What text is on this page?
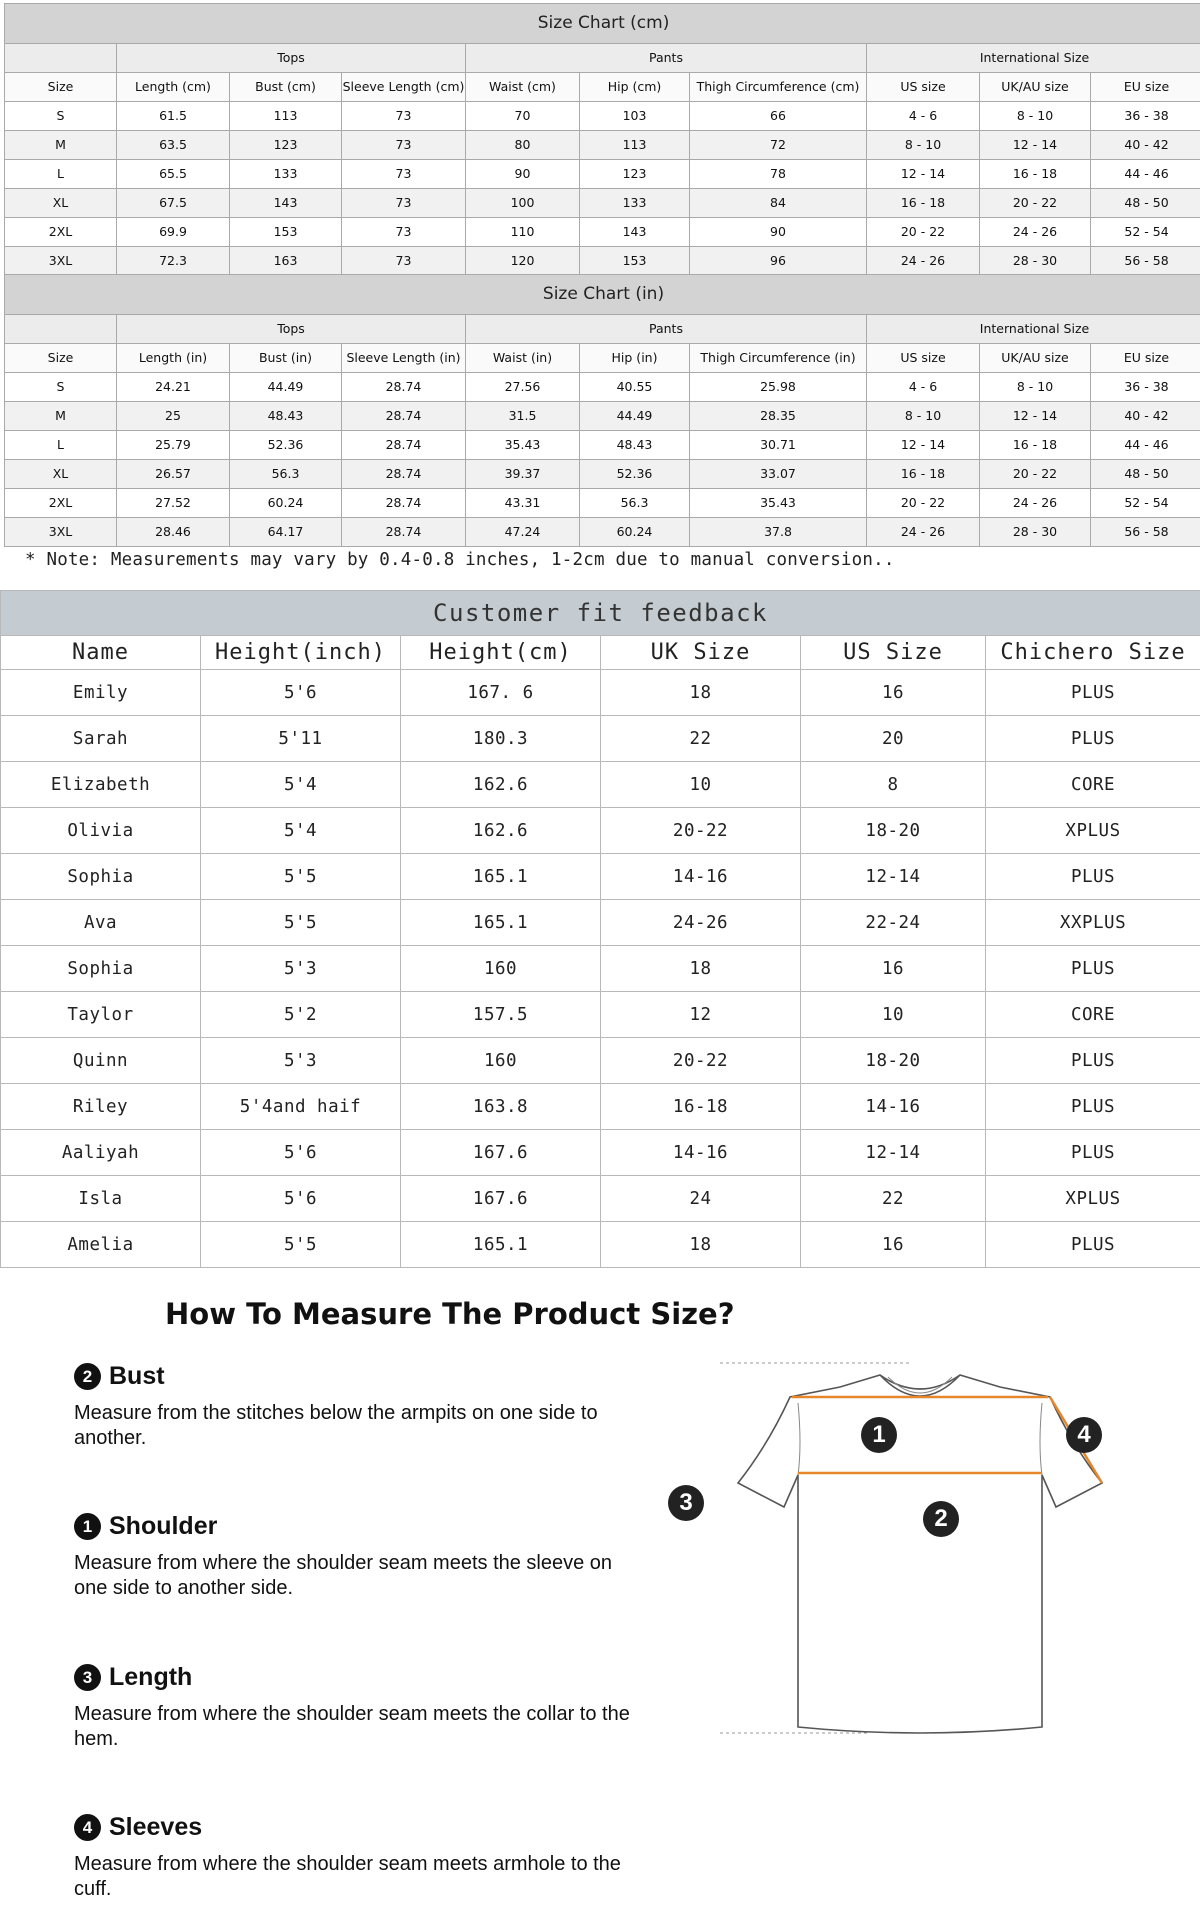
Size Chart (cm)									
	Tops			Pants			International Size		
Size	Length (cm)	Bust (cm)	Sleeve Length (cm)	Waist (cm)	Hip (cm)	Thigh Circumference (cm)	US size	UK/AU size	EU size
S	61.5	113	73	70	103	66	4 - 6	8 - 10	36 - 38
M	63.5	123	73	80	113	72	8 - 10	12 - 14	40 - 42
L	65.5	133	73	90	123	78	12 - 14	16 - 18	44 - 46
XL	67.5	143	73	100	133	84	16 - 18	20 - 22	48 - 50
2XL	69.9	153	73	110	143	90	20 - 22	24 - 26	52 - 54
3XL	72.3	163	73	120	153	96	24 - 26	28 - 30	56 - 58
Size Chart (in)									
	Tops			Pants			International Size		
Size	Length (in)	Bust (in)	Sleeve Length (in)	Waist (in)	Hip (in)	Thigh Circumference (in)	US size	UK/AU size	EU size
S	24.21	44.49	28.74	27.56	40.55	25.98	4 - 6	8 - 10	36 - 38
M	25	48.43	28.74	31.5	44.49	28.35	8 - 10	12 - 14	40 - 42
L	25.79	52.36	28.74	35.43	48.43	30.71	12 - 14	16 - 18	44 - 46
XL	26.57	56.3	28.74	39.37	52.36	33.07	16 - 18	20 - 22	48 - 50
2XL	27.52	60.24	28.74	43.31	56.3	35.43	20 - 22	24 - 26	52 - 54
3XL	28.46	64.17	28.74	47.24	60.24	37.8	24 - 26	28 - 30	56 - 58
* Note: Measurements may vary by 0.4-0.8 inches, 1-2cm due to manual conversion..
Customer fit feedback					
Name	Height(inch)	Height(cm)	UK Size	US Size	Chichero Size
Emily	5'6	167. 6	18	16	PLUS
Sarah	5'11	180.3	22	20	PLUS
Elizabeth	5'4	162.6	10	8	CORE
Olivia	5'4	162.6	20-22	18-20	XPLUS
Sophia	5'5	165.1	14-16	12-14	PLUS
Ava	5'5	165.1	24-26	22-24	XXPLUS
Sophia	5'3	160	18	16	PLUS
Taylor	5'2	157.5	12	10	CORE
Quinn	5'3	160	20-22	18-20	PLUS
Riley	5'4and haif	163.8	16-18	14-16	PLUS
Aaliyah	5'6	167.6	14-16	12-14	PLUS
Isla	5'6	167.6	24	22	XPLUS
Amelia	5'5	165.1	18	16	PLUS
How To Measure The Product Size?
2 Bust
Measure from the stitches below the armpits on one side to another.
1 Shoulder
Measure from where the shoulder seam meets the sleeve on one side to another side.
3 Length
Measure from where the shoulder seam meets the collar to the hem.
4 Sleeves
Measure from where the shoulder seam meets armhole to the cuff.
1
2
3
4
